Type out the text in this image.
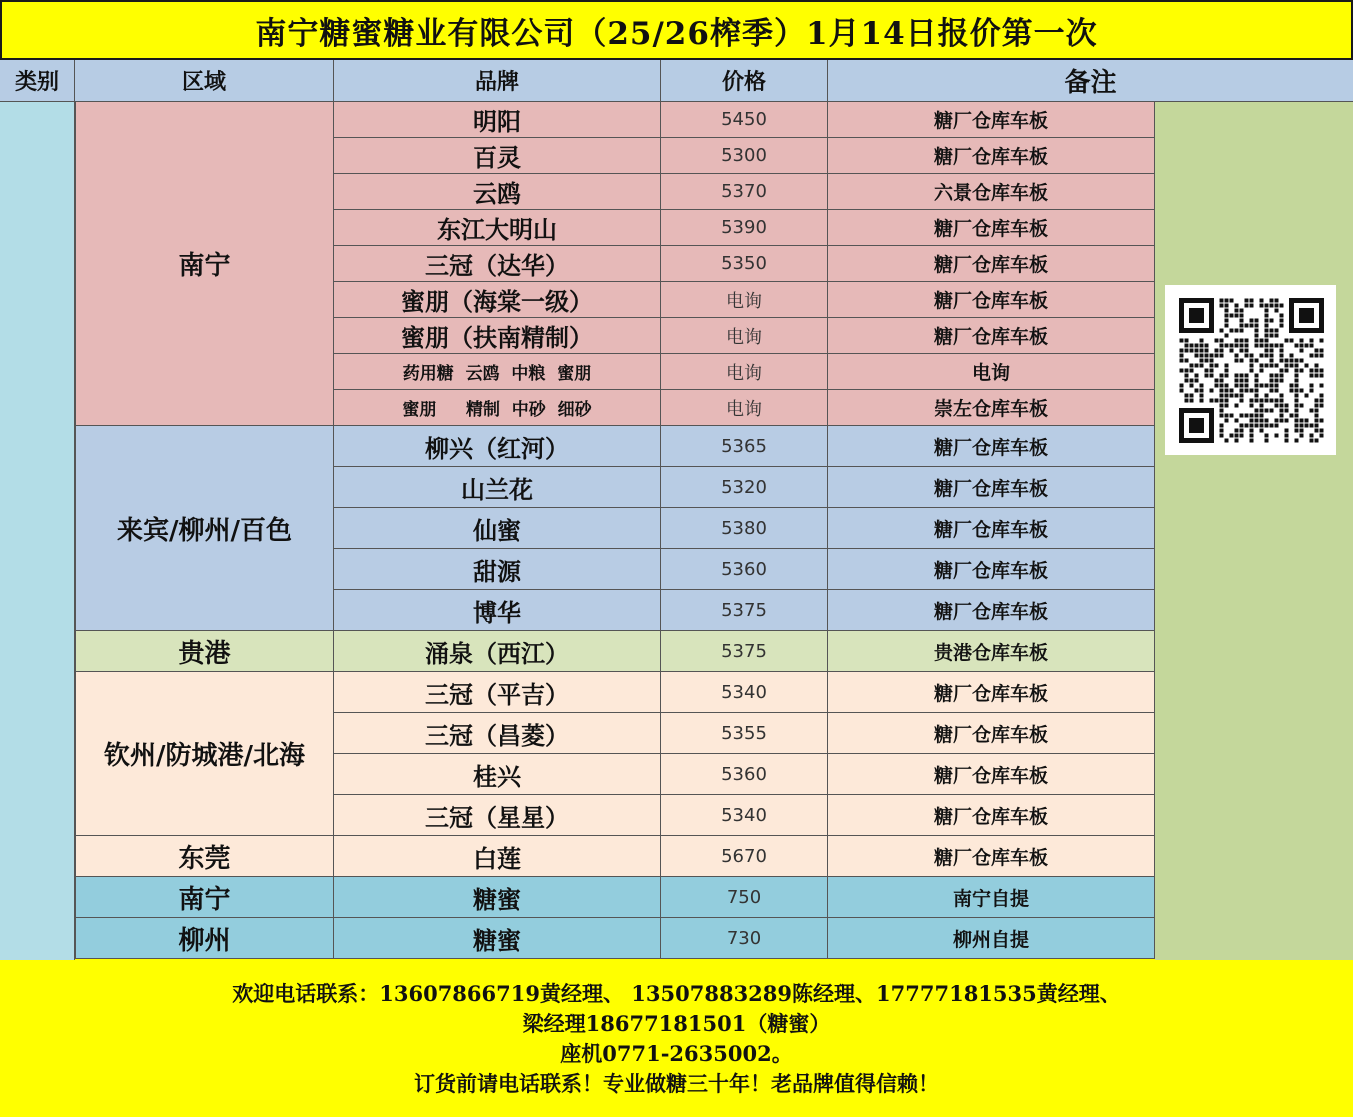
南宁糖蜜糖业有限公司（25/26榨季）1月14日报价第一次
类别	区域	品牌	价格	备注
南宁
明阳	5450	糖厂仓库车板
百灵	5300	糖厂仓库车板
云鸥	5370	六景仓库车板
东江大明山	5390	糖厂仓库车板
三冠（达华）	5350	糖厂仓库车板
蜜朋（海棠一级）	电询	糖厂仓库车板
蜜朋（扶南精制）	电询	糖厂仓库车板
药用糖  云鸥  中粮  蜜朋	电询	电询
蜜朋     精制  中砂  细砂	电询	崇左仓库车板
来宾/柳州/百色
柳兴（红河）	5365	糖厂仓库车板
山兰花	5320	糖厂仓库车板
仙蜜	5380	糖厂仓库车板
甜源	5360	糖厂仓库车板
博华	5375	糖厂仓库车板
贵港	涌泉（西江）	5375	贵港仓库车板
钦州/防城港/北海
三冠（平吉）	5340	糖厂仓库车板
三冠（昌菱）	5355	糖厂仓库车板
桂兴	5360	糖厂仓库车板
三冠（星星）	5340	糖厂仓库车板
东莞	白莲	5670	糖厂仓库车板
南宁	糖蜜	750	南宁自提
柳州	糖蜜	730	柳州自提
欢迎电话联系：13607866719黄经理、 13507883289陈经理、17777181535黄经理、
梁经理18677181501（糖蜜）
座机0771-2635002。
订货前请电话联系！专业做糖三十年！老品牌值得信赖！
